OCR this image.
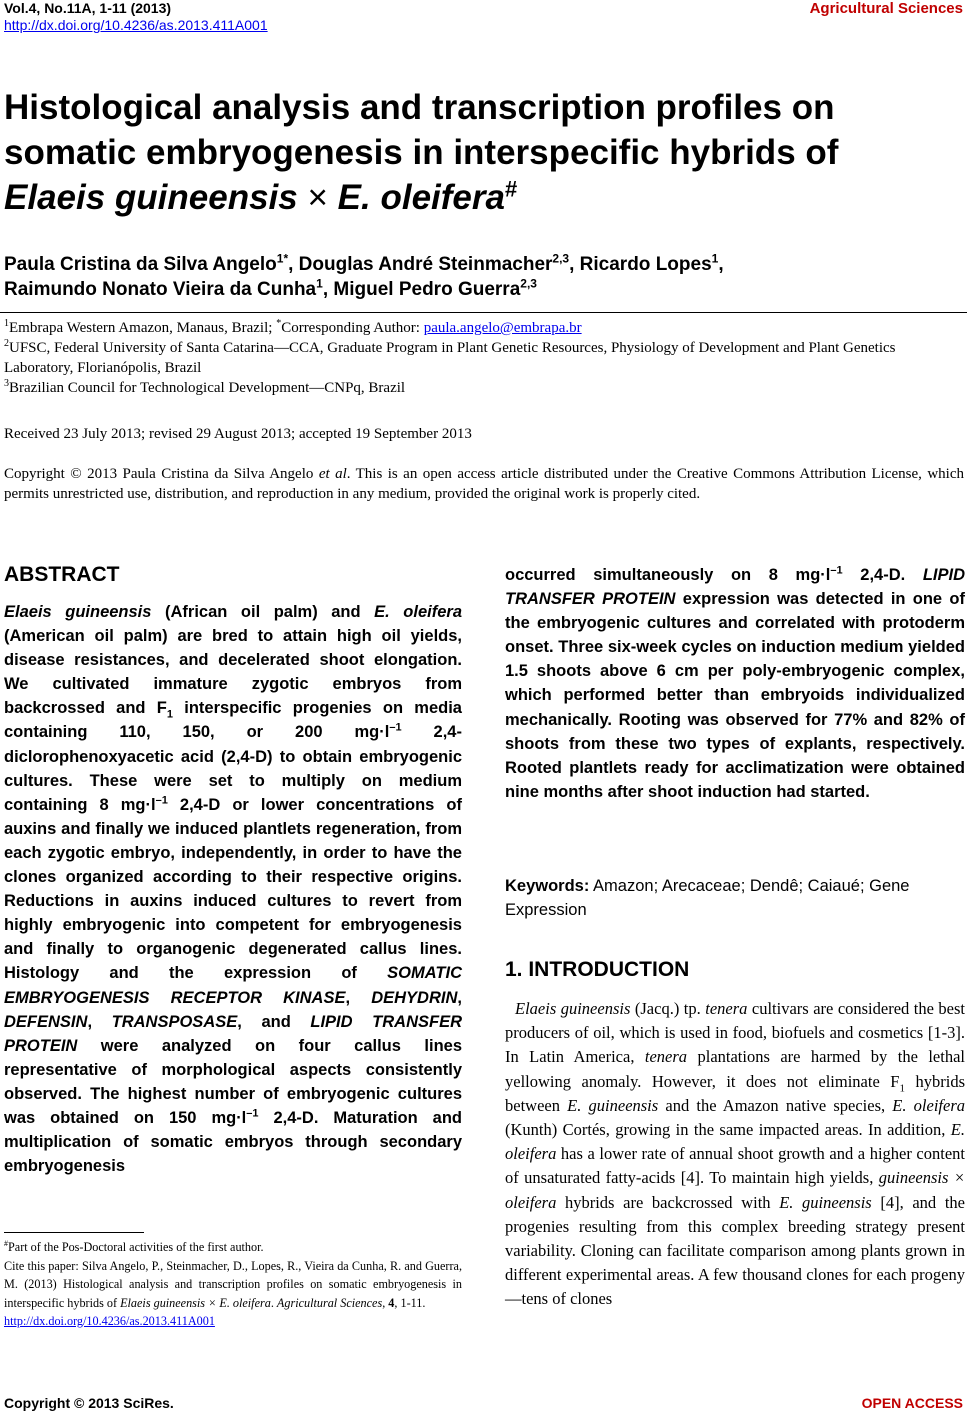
Vol.4, No.11A, 1-11 (2013)
http://dx.doi.org/10.4236/as.2013.411A001
Agricultural Sciences
Histological analysis and transcription profiles on
somatic embryogenesis in interspecific hybrids of
Elaeis guineensis × E. oleifera#
Paula Cristina da Silva Angelo$^{1*}$, Douglas André Steinmacher$^{2,3}$, Ricardo Lopes$^1$,
Raimundo Nonato Vieira da Cunha$^1$, Miguel Pedro Guerra$^{2,3}$
$^1$Embrapa Western Amazon, Manaus, Brazil; *Corresponding Author: paula.angelo@embrapa.br
$^2$UFSC, Federal University of Santa Catarina—CCA, Graduate Program in Plant Genetic Resources, Physiology of Development and Plant Genetics Laboratory, Florianópolis, Brazil
$^3$Brazilian Council for Technological Development—CNPq, Brazil
Received 23 July 2013; revised 29 August 2013; accepted 19 September 2013
Copyright © 2013 Paula Cristina da Silva Angelo et al. This is an open access article distributed under the Creative Commons Attribution License, which permits unrestricted use, distribution, and reproduction in any medium, provided the original work is properly cited.
ABSTRACT

Elaeis guineensis (African oil palm) and E. oleifera (American oil palm) are bred to attain high oil yields, disease resistances, and decelerated shoot elongation. We cultivated immature zygotic embryos from backcrossed and $F_1$ interspecific progenies on media containing 110, 150, or 200 $mg\cdot l^{-1}$ 2,4-diclorophenoxyacetic acid (2,4-D) to obtain embryogenic cultures. These were set to multiply on medium containing 8 $mg\cdot l^{-1}$ 2,4-D or lower concentrations of auxins and finally we induced plantlets regeneration, from each zygotic embryo, independently, in order to have the clones organized according to their respective origins. Reductions in auxins induced cultures to revert from highly embryogenic into competent for embryogenesis and finally to organogenic degenerated callus lines. Histology and the expression of SOMATIC EMBRYOGENESIS RECEPTOR KINASE, DEHYDRIN, DEFENSIN, TRANSPOSASE, and LIPID TRANSFER PROTEIN were analyzed on four callus lines representative of morphological aspects consistently observed. The highest number of embryogenic cultures was obtained on 150 $mg\cdot l^{-1}$ 2,4-D. Maturation and multiplication of somatic embryos through secondary embryogenesis

occurred simultaneously on 8 $mg\cdot l^{-1}$ 2,4-D. LIPID TRANSFER PROTEIN expression was detected in one of the embryogenic cultures and correlated with protoderm onset. Three six-week cycles on induction medium yielded 1.5 shoots above 6 cm per poly-embryogenic complex, which performed better than embryoids individualized mechanically. Rooting was observed for 77% and 82% of shoots from these two types of explants, respectively. Rooted plantlets ready for acclimatization were obtained nine months after shoot induction had started.

Keywords: Amazon; Arecaceae; Dendê; Caiaué; Gene Expression

1. INTRODUCTION

Elaeis guineensis (Jacq.) tp. tenera cultivars are considered the best producers of oil, which is used in food, biofuels and cosmetics [1-3]. In Latin America, tenera plantations are harmed by the lethal yellowing anomaly. However, it does not eliminate $F_1$ hybrids between E. guineensis and the Amazon native species, E. oleifera (Kunth) Cortés, growing in the same impacted areas. In addition, E. oleifera has a lower rate of annual shoot growth and a higher content of unsaturated fatty-acids [4]. To maintain high yields, guineensis × oleifera hybrids are backcrossed with E. guineensis [4], and the progenies resulting from this complex breeding strategy present variability. Cloning can facilitate comparison among plants grown in different experimental areas. A few thousand clones for each progeny—tens of clones

#Part of the Pos-Doctoral activities of the first author.
Cite this paper: Silva Angelo, P., Steinmacher, D., Lopes, R., Vieira da Cunha, R. and Guerra, M. (2013) Histological analysis and transcription profiles on somatic embryogenesis in interspecific hybrids of Elaeis guineensis × E. oleifera. Agricultural Sciences, 4, 1-11.
http://dx.doi.org/10.4236/as.2013.411A001
Copyright © 2013 SciRes.	OPEN ACCESS
